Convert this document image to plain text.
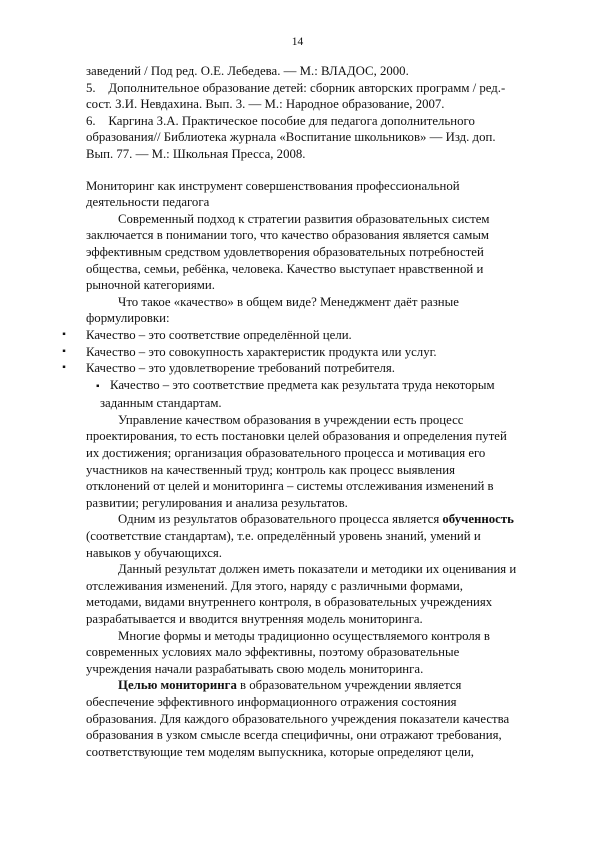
14

заведений / Под ред. О.Е. Лебедева. — М.: ВЛАДОС, 2000.

5.    Дополнительное образование детей: сборник авторских программ / ред.-сост. З.И. Невдахина. Вып. 3. — М.: Народное образование, 2007.

6.    Каргина З.А. Практическое пособие для педагога дополнительного образования// Библиотека журнала «Воспитание школьников» — Изд. доп. Вып. 77. — М.: Школьная Пресса, 2008.

Мониторинг как инструмент совершенствования профессиональной деятельности педагога

Современный подход к стратегии развития образовательных систем заключается в понимании того, что качество образования является самым эффективным средством удовлетворения образовательных потребностей общества, семьи, ребёнка, человека. Качество выступает нравственной и рыночной категориями.

Что такое «качество» в общем виде? Менеджмент даёт разные формулировки:

▪	Качество – это соответствие определённой цели.

▪	Качество – это совокупность характеристик продукта или услуг.

▪	Качество – это удовлетворение требований потребителя.

▪ Качество – это соответствие предмета как результата труда некоторым заданным стандартам.

Управление качеством образования в учреждении есть процесс проектирования, то есть постановки целей образования и определения путей их достижения; организация образовательного процесса и мотивация его участников на качественный труд; контроль как процесс выявления отклонений от целей и мониторинга – системы отслеживания изменений в развитии; регулирования и анализа результатов.

Одним из результатов образовательного процесса является обученность (соответствие стандартам), т.е. определённый уровень знаний, умений и навыков у обучающихся.

Данный результат должен иметь показатели и методики их оценивания и отслеживания изменений. Для этого, наряду с различными формами, методами, видами внутреннего контроля, в образовательных учреждениях разрабатывается и вводится внутренняя модель мониторинга.

Многие формы и методы традиционно осуществляемого контроля в современных условиях мало эффективны, поэтому образовательные учреждения начали разрабатывать свою модель мониторинга.

Целью мониторинга в образовательном учреждении является обеспечение эффективного информационного отражения состояния образования. Для каждого образовательного учреждения показатели качества образования в узком смысле всегда специфичны, они отражают требования, соответствующие тем моделям выпускника, которые определяют цели,
